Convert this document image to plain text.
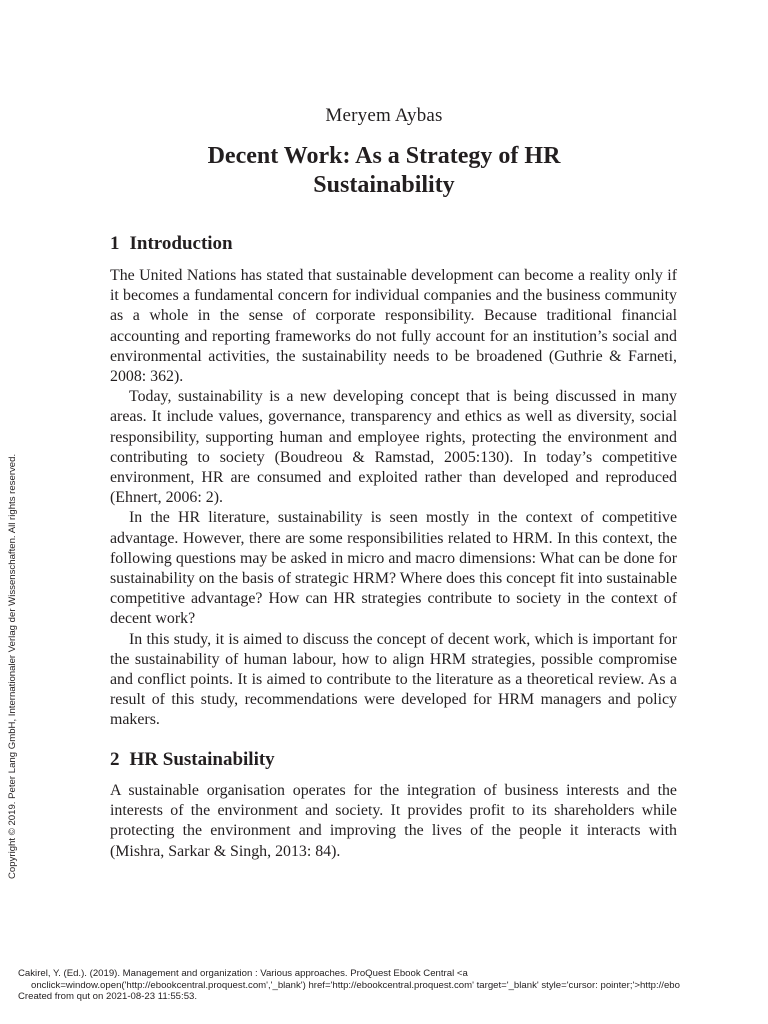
Meryem Aybas
Decent Work: As a Strategy of HR
Sustainability
1 Introduction

The United Nations has stated that sustainable development can become a reality only if it becomes a fundamental concern for individual companies and the business community as a whole in the sense of corporate responsibility. Because traditional financial accounting and reporting frameworks do not fully account for an institution’s social and environmental activities, the sustainability needs to be broadened (Guthrie & Farneti, 2008: 362).

Today, sustainability is a new developing concept that is being discussed in many areas. It include values, governance, transparency and ethics as well as diversity, social responsibility, supporting human and employee rights, protecting the environment and contributing to society (Boudreou & Ramstad, 2005:130). In today’s competitive environment, HR are consumed and exploited rather than developed and reproduced (Ehnert, 2006: 2).

In the HR literature, sustainability is seen mostly in the context of competitive advantage. However, there are some responsibilities related to HRM. In this context, the following questions may be asked in micro and macro dimensions: What can be done for sustainability on the basis of strategic HRM? Where does this concept fit into sustainable competitive advantage? How can HR strategies contribute to society in the context of decent work?

In this study, it is aimed to discuss the concept of decent work, which is important for the sustainability of human labour, how to align HRM strategies, possible compromise and conflict points. It is aimed to contribute to the literature as a theoretical review. As a result of this study, recommendations were developed for HRM managers and policy makers.

2 HR Sustainability

A sustainable organisation operates for the integration of business interests and the interests of the environment and society. It provides profit to its shareholders while protecting the environment and improving the lives of the people it interacts with (Mishra, Sarkar & Singh, 2013: 84).

Copyright © 2019. Peter Lang GmbH, Internationaler Verlag der Wissenschaften. All rights reserved.
Cakirel, Y. (Ed.). (2019). Management and organization : Various approaches. ProQuest Ebook Central <a
onclick=window.open('http://ebookcentral.proquest.com','_blank') href='http://ebookcentral.proquest.com' target='_blank' style='cursor: pointer;'>http://ebo
Created from qut on 2021-08-23 11:55:53.
